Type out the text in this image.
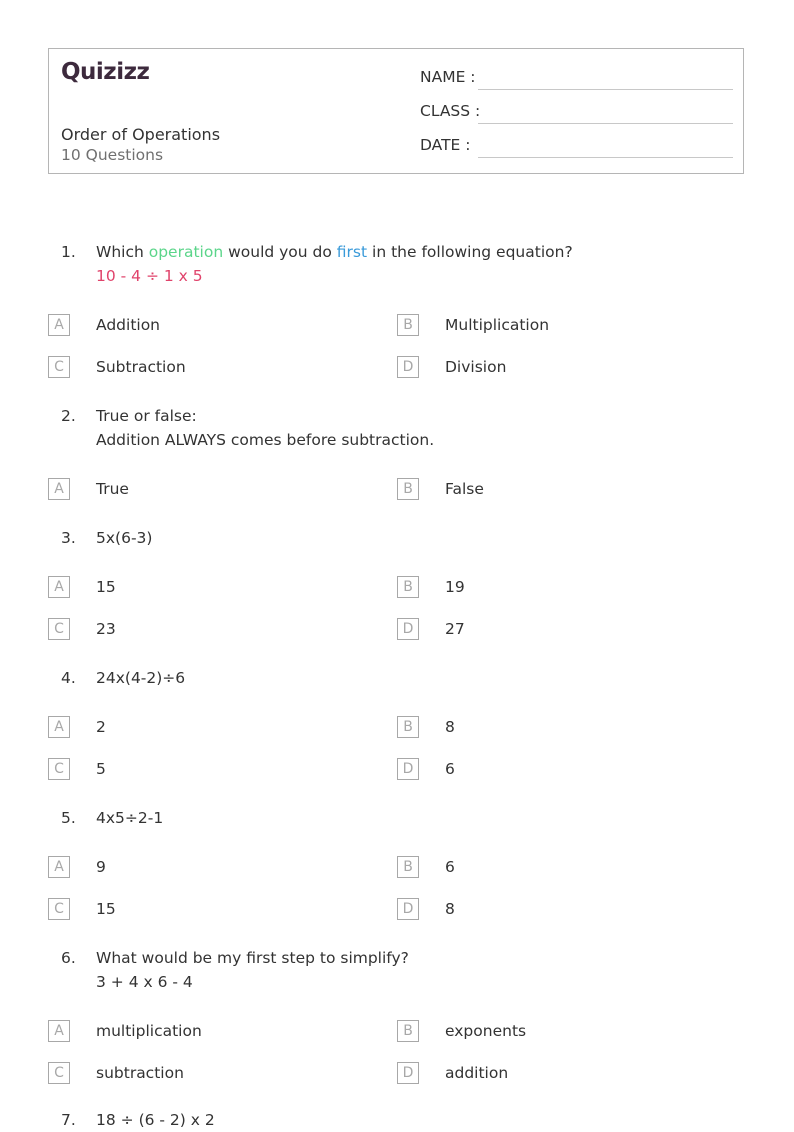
Quizizz
Order of Operations
10 Questions
NAME :
CLASS :
DATE :
1.	Which operation would you do first in the following equation?
10 - 4 ÷ 1 x 5
A	Addition	B	Multiplication
C	Subtraction	D	Division
2.	True or false:
Addition ALWAYS comes before subtraction.
A	True	B	False
3.	5x(6-3)
A	15	B	19
C	23	D	27
4.	24x(4-2)÷6
A	2	B	8
C	5	D	6
5.	4x5÷2-1
A	9	B	6
C	15	D	8
6.	What would be my first step to simplify?
3 + 4 x 6 - 4
A	multiplication	B	exponents
C	subtraction	D	addition
7.	18 ÷ (6 - 2) x 2
